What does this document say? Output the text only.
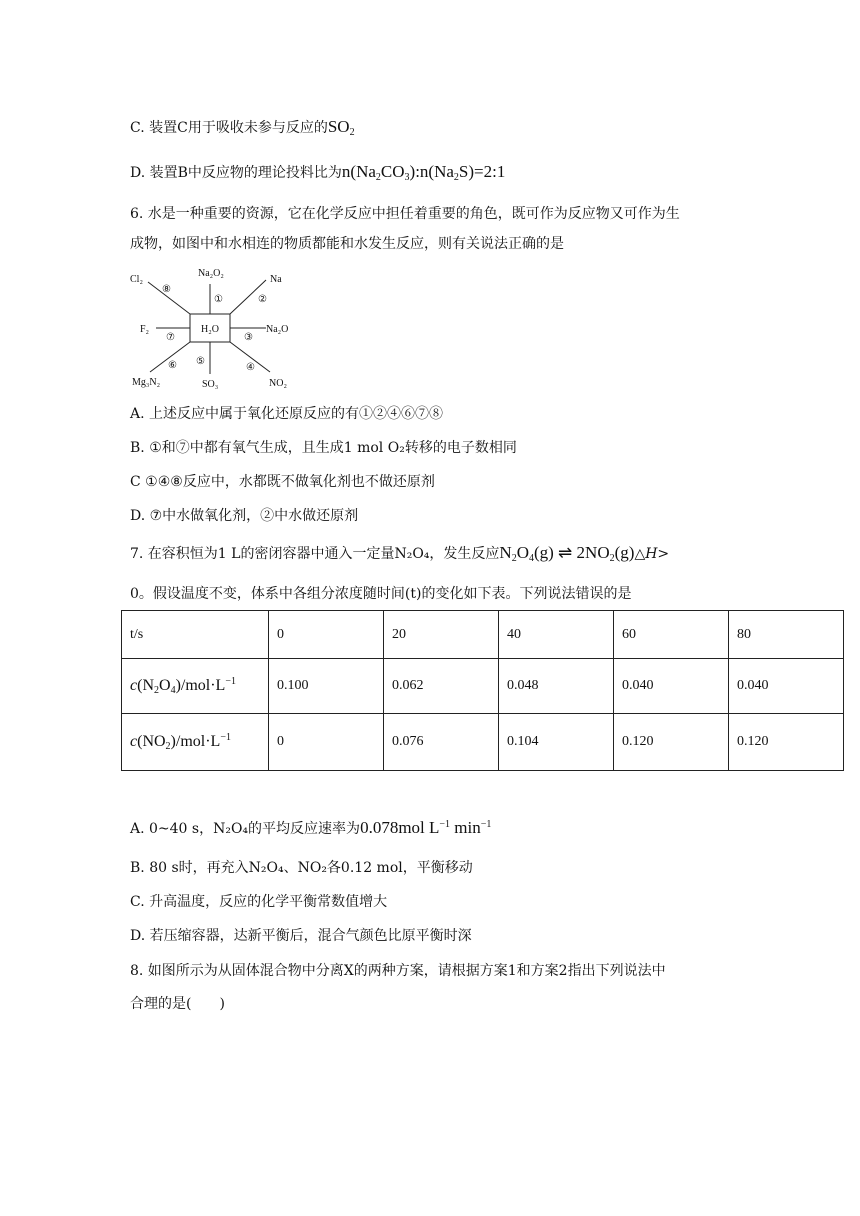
C. 装置C用于吸收未参与反应的$SO_2$
D. 装置B中反应物的理论投料比为$n(Na_2CO_3):n(Na_2S)=2:1$
6. 水是一种重要的资源，它在化学反应中担任着重要的角色，既可作为反应物又可作为生
成物，如图中和水相连的物质都能和水发生反应，则有关说法正确的是
H₂O
Na₂O₂
①
Na
②
Na₂O
③
NO₂
④
SO₃
⑤
Mg₃N₂
⑥
F₂
⑦
Cl₂
⑧
A. 上述反应中属于氧化还原反应的有①②④⑥⑦⑧
B. ①和⑦中都有氧气生成，且生成1 mol O₂转移的电子数相同
C ①④⑧反应中，水都既不做氧化剂也不做还原剂
D. ⑦中水做氧化剂，②中水做还原剂
7. 在容积恒为1 L的密闭容器中通入一定量N₂O₄，发生反应$N_2O_4(g)$ ⇌ $2NO_2(g)\triangle H>$
0。假设温度不变，体系中各组分浓度随时间(t)的变化如下表。下列说法错误的是
t/s	0	20	40	60	80
$c(N_2O_4)/mol\cdot L^{-1}$	0.100	0.062	0.048	0.040	0.040
$c(NO_2)/mol\cdot L^{-1}$	0	0.076	0.104	0.120	0.120
A. 0~40 s，N₂O₄的平均反应速率为0.078mol $L^{-1}$ $\min^{-1}$
B. 80 s时，再充入N₂O₄、NO₂各0.12 mol，平衡移动
C. 升高温度，反应的化学平衡常数值增大
D. 若压缩容器，达新平衡后，混合气颜色比原平衡时深
8. 如图所示为从固体混合物中分离X的两种方案，请根据方案1和方案2指出下列说法中
合理的是(　　)
